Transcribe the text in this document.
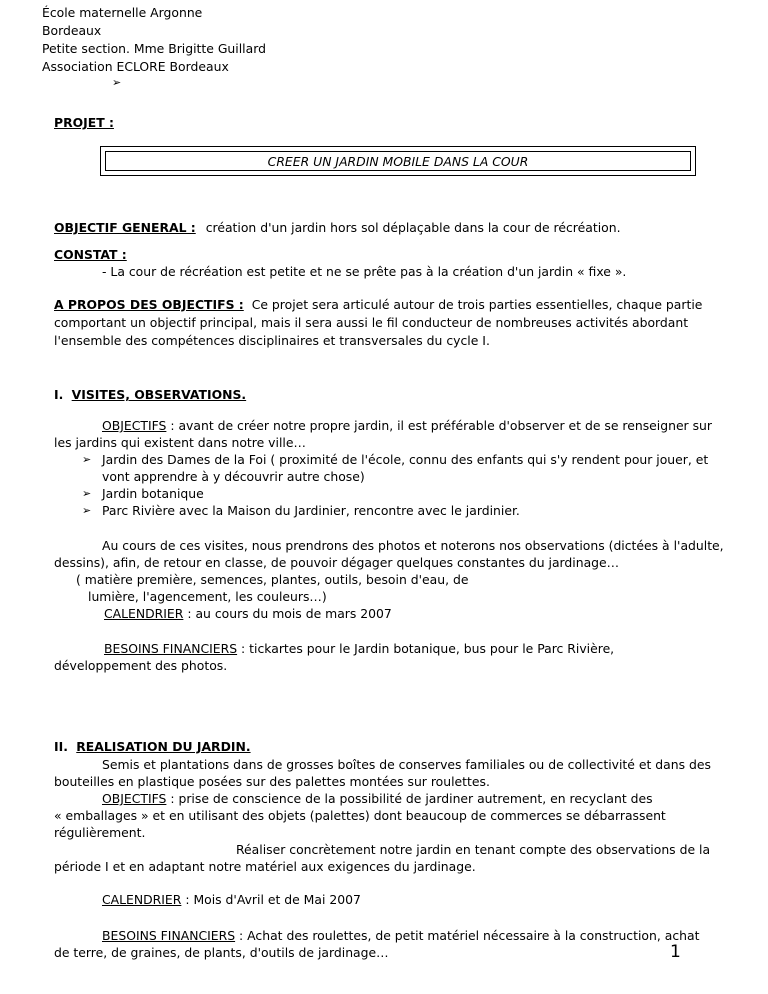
École maternelle Argonne
Bordeaux
Petite section. Mme Brigitte Guillard
Association ECLORE Bordeaux
➢
PROJET :
CREER UN JARDIN MOBILE DANS LA COUR
OBJECTIF GENERAL : création d'un jardin hors sol déplaçable dans la cour de récréation.
CONSTAT :
- La cour de récréation est petite et ne se prête pas à la création d'un jardin « fixe ».
A PROPOS DES OBJECTIFS : Ce projet sera articulé autour de trois parties essentielles, chaque partie
comportant un objectif principal, mais il sera aussi le fil conducteur de nombreuses activités abordant
l'ensemble des compétences disciplinaires et transversales du cycle I.
I. VISITES, OBSERVATIONS.
OBJECTIFS : avant de créer notre propre jardin, il est préférable d'observer et de se renseigner sur
les jardins qui existent dans notre ville…
➢ Jardin des Dames de la Foi ( proximité de l'école, connu des enfants qui s'y rendent pour jouer, et
vont apprendre à y découvrir autre chose)
➢ Jardin botanique
➢ Parc Rivière avec la Maison du Jardinier, rencontre avec le jardinier.
Au cours de ces visites, nous prendrons des photos et noterons nos observations (dictées à l'adulte,
dessins), afin, de retour en classe, de pouvoir dégager quelques constantes du jardinage…
( matière première, semences, plantes, outils, besoin d'eau, de
lumière, l'agencement, les couleurs…)
CALENDRIER : au cours du mois de mars 2007
BESOINS FINANCIERS : tickartes pour le Jardin botanique, bus pour le Parc Rivière,
développement des photos.
II. REALISATION DU JARDIN.
Semis et plantations dans de grosses boîtes de conserves familiales ou de collectivité et dans des
bouteilles en plastique posées sur des palettes montées sur roulettes.
OBJECTIFS : prise de conscience de la possibilité de jardiner autrement, en recyclant des
« emballages » et en utilisant des objets (palettes) dont beaucoup de commerces se débarrassent
régulièrement.
Réaliser concrètement notre jardin en tenant compte des observations de la
période I et en adaptant notre matériel aux exigences du jardinage.
CALENDRIER : Mois d'Avril et de Mai 2007
BESOINS FINANCIERS : Achat des roulettes, de petit matériel nécessaire à la construction, achat
de terre, de graines, de plants, d'outils de jardinage…	1
